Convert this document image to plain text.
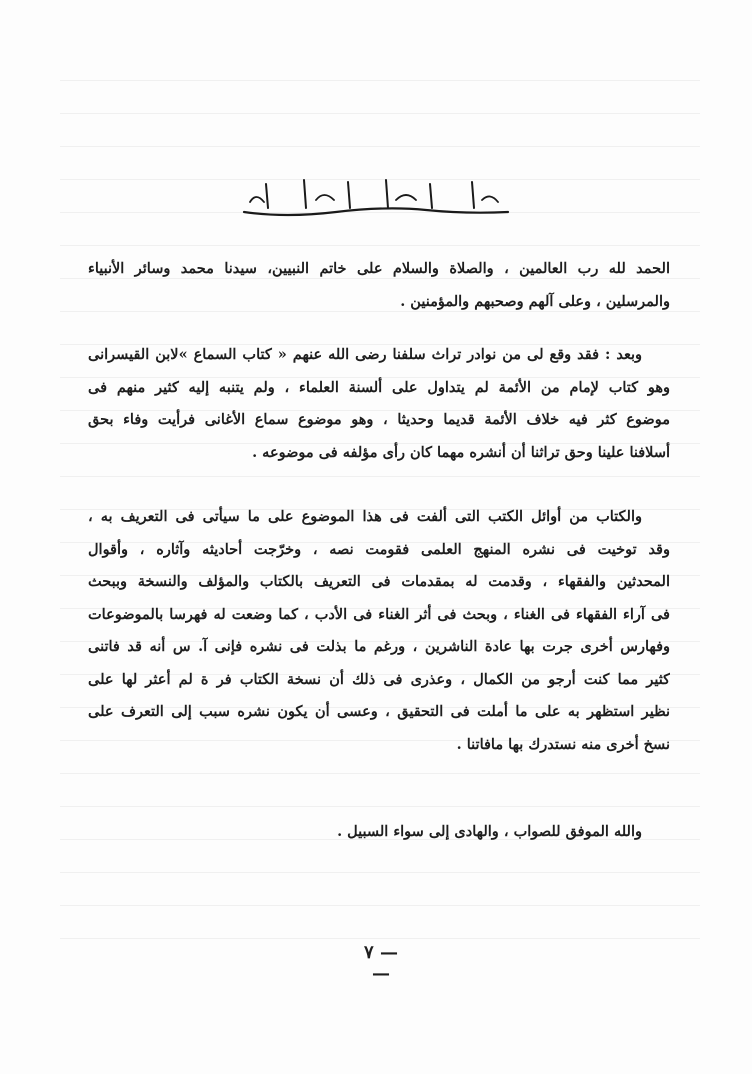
الحمد لله رب العالمين ، والصلاة والسلام على خاتم النبيين، سيدنا محمد وسائر الأنبياء
والمرسلين ، وعلى آلهم وصحبهم والمؤمنين .

وبعد : فقد وقع لى من نوادر تراث سلفنا رضى الله عنهم « كتاب السماع »لابن القيسرانى
وهو كتاب لإمام من الأئمة لم يتداول على ألسنة العلماء ، ولم يتنبه إليه كثير منهم فى
موضوع كثر فيه خلاف الأئمة قديما وحديثا ، وهو موضوع سماع الأغانى فرأيت وفاء بحق
أسلافنا علينا وحق تراثنا أن أنشره مهما كان رأى مؤلفه فى موضوعه .

والكتاب من أوائل الكتب التى ألفت فى هذا الموضوع على ما سيأتى فى التعريف به ،
وقد توخيت فى نشره المنهج العلمى فقومت نصه ، وخرّجت أحاديثه وآثاره ، وأقوال
المحدثين والفقهاء ، وقدمت له بمقدمات فى التعريف بالكتاب والمؤلف والنسخة وببحث
فى آراء الفقهاء فى الغناء ، وبحث فى أثر الغناء فى الأدب ، كما وضعت له فهرسا بالموضوعات
وفهارس أخرى جرت بها عادة الناشرين ، ورغم ما بذلت فى نشره فإنى آ. س أنه قد فاتنى
كثير مما كنت أرجو من الكمال ، وعذرى فى ذلك أن نسخة الكتاب فر ة لم أعثر لها على
نظير استظهر به على ما أملت فى التحقيق ، وعسى أن يكون نشره سبب إلى التعرف على
نسخ أخرى منه نستدرك بها مافاتنا .

والله الموفق للصواب ، والهادى إلى سواء السبيل .

— ٧ —
